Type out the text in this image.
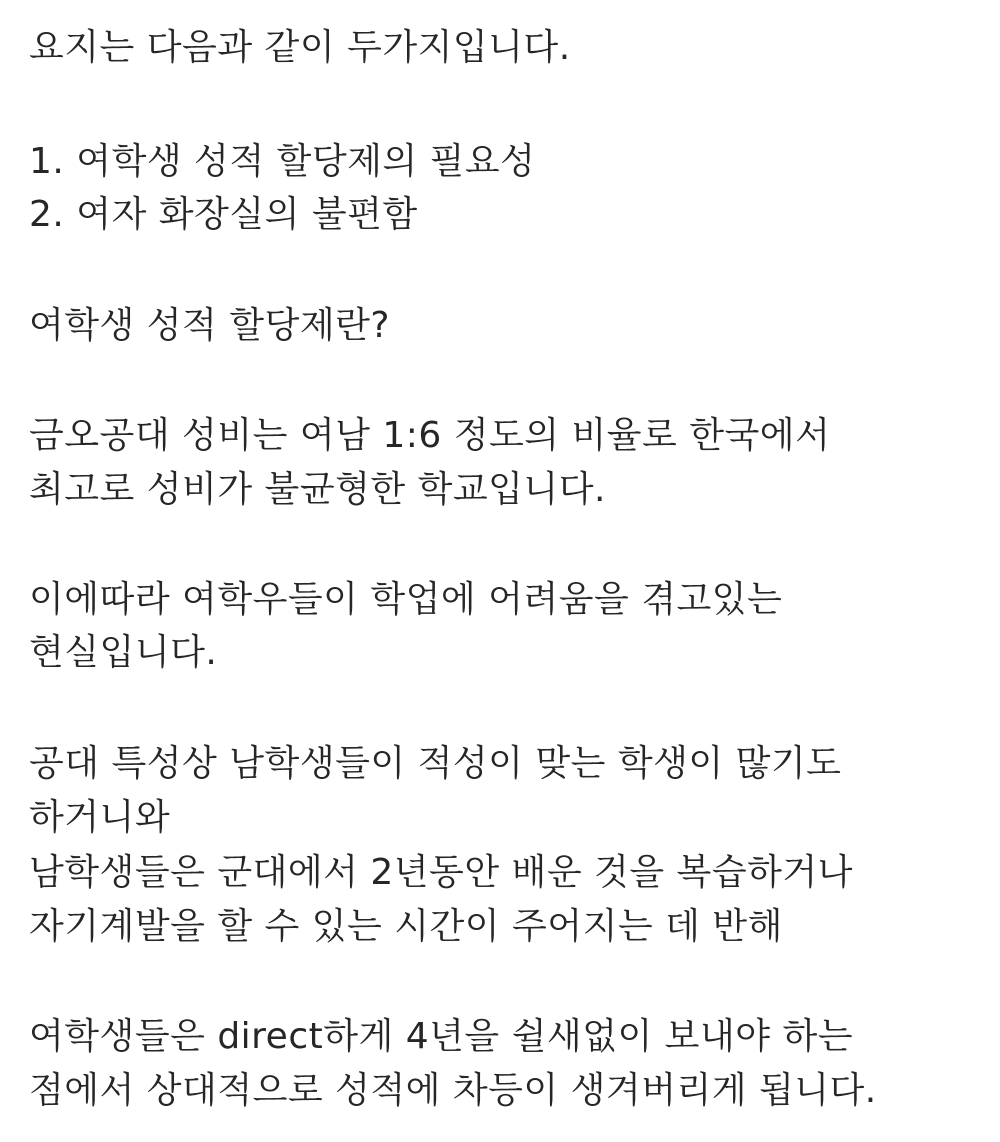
요지는 다음과 같이 두가지입니다.
1. 여학생 성적 할당제의 필요성
2. 여자 화장실의 불편함
여학생 성적 할당제란?
금오공대 성비는 여남 1:6 정도의 비율로 한국에서
최고로 성비가 불균형한 학교입니다.
이에따라 여학우들이 학업에 어려움을 겪고있는
현실입니다.
공대 특성상 남학생들이 적성이 맞는 학생이 많기도
하거니와
남학생들은 군대에서 2년동안 배운 것을 복습하거나
자기계발을 할 수 있는 시간이 주어지는 데 반해
여학생들은 direct하게 4년을 쉴새없이 보내야 하는
점에서 상대적으로 성적에 차등이 생겨버리게 됩니다.
